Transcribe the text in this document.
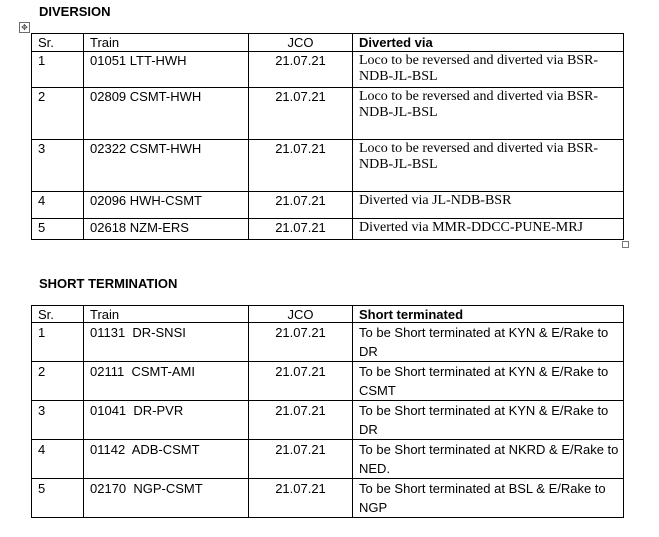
DIVERSION
✥
Sr.	Train	JCO	Diverted via
1	01051 LTT-HWH	21.07.21	Loco to be reversed and diverted via BSR-NDB-JL-BSL
2	02809 CSMT-HWH	21.07.21	Loco to be reversed and diverted via BSR-NDB-JL-BSL
3	02322 CSMT-HWH	21.07.21	Loco to be reversed and diverted via BSR-NDB-JL-BSL
4	02096 HWH-CSMT	21.07.21	Diverted via JL-NDB-BSR
5	02618 NZM-ERS	21.07.21	Diverted via MMR-DDCC-PUNE-MRJ
SHORT TERMINATION
Sr.	Train	JCO	Short terminated
1	01131  DR-SNSI	21.07.21	To be Short terminated at KYN & E/Rake to DR
2	02111  CSMT-AMI	21.07.21	To be Short terminated at KYN & E/Rake to CSMT
3	01041  DR-PVR	21.07.21	To be Short terminated at KYN & E/Rake to DR
4	01142  ADB-CSMT	21.07.21	To be Short terminated at NKRD & E/Rake to NED.
5	02170  NGP-CSMT	21.07.21	To be Short terminated at BSL & E/Rake to NGP
